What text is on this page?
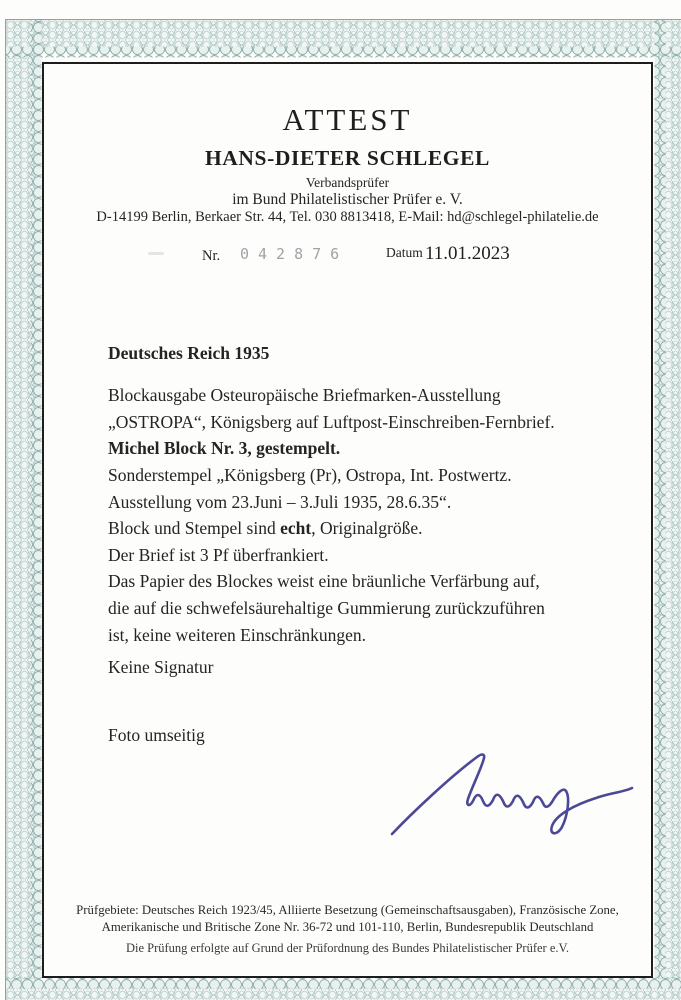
ATTEST
HANS-DIETER SCHLEGEL
Verbandsprüfer
im Bund Philatelistischer Prüfer e. V.
D-14199 Berlin, Berkaer Str. 44, Tel. 030 8813418, E-Mail: hd@schlegel-philatelie.de
Nr. 042876	Datum 11.01.2023
Deutsches Reich 1935
Blockausgabe Osteuropäische Briefmarken-Ausstellung
„OSTROPA“, Königsberg auf Luftpost-Einschreiben-Fernbrief.
Michel Block Nr. 3, gestempelt.
Sonderstempel „Königsberg (Pr), Ostropa, Int. Postwertz.
Ausstellung vom 23.Juni – 3.Juli 1935, 28.6.35“.
Block und Stempel sind echt, Originalgröße.
Der Brief ist 3 Pf überfrankiert.
Das Papier des Blockes weist eine bräunliche Verfärbung auf,
die auf die schwefelsäurehaltige Gummierung zurückzuführen
ist, keine weiteren Einschränkungen.
Keine Signatur
Foto umseitig
Prüfgebiete: Deutsches Reich 1923/45, Alliierte Besetzung (Gemeinschaftsausgaben), Französische Zone,
Amerikanische und Britische Zone Nr. 36-72 und 101-110, Berlin, Bundesrepublik Deutschland
Die Prüfung erfolgte auf Grund der Prüfordnung des Bundes Philatelistischer Prüfer e.V.
